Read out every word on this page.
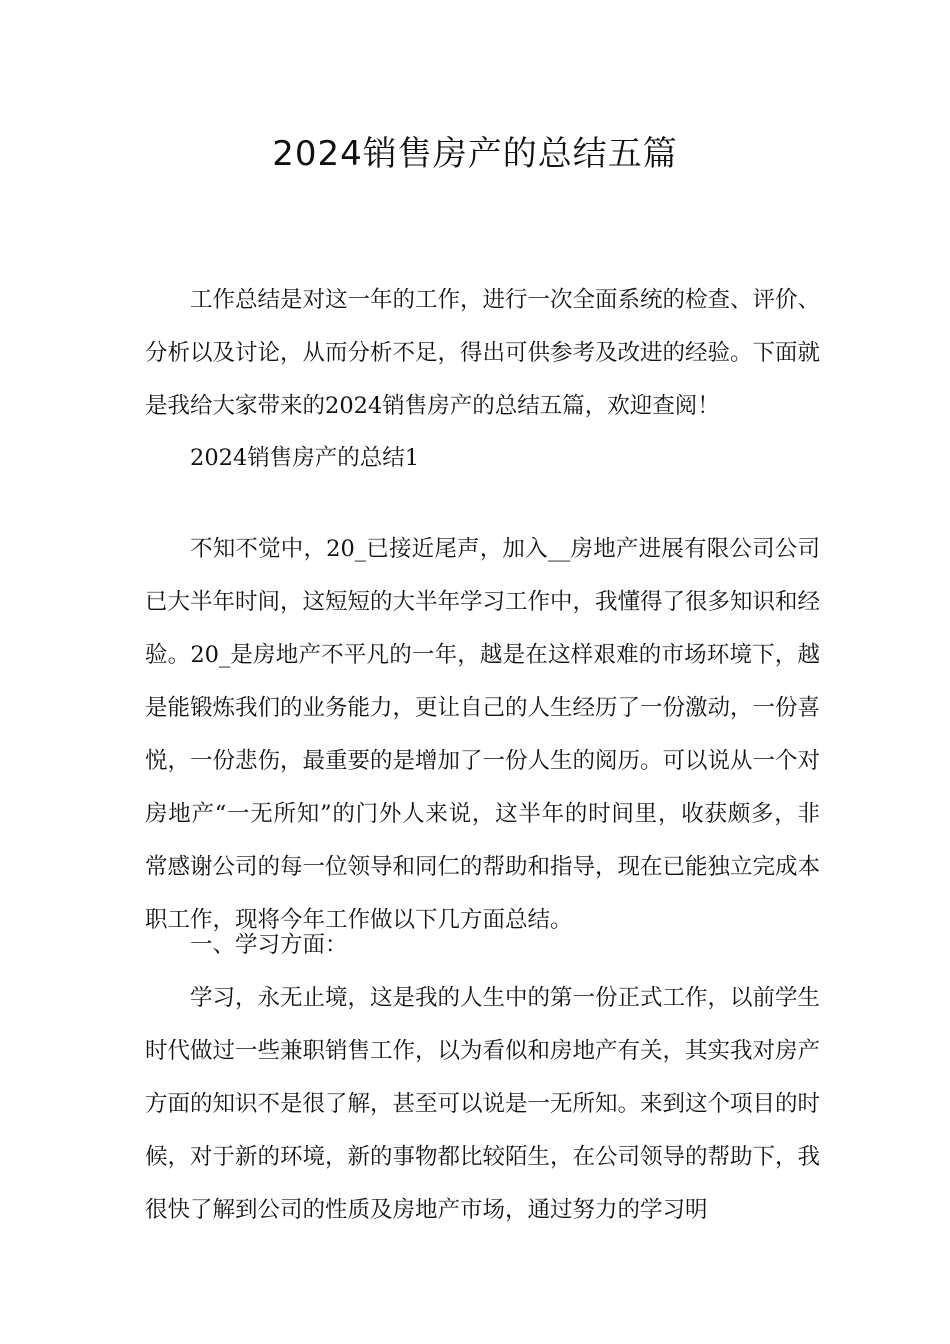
2024销售房产的总结五篇

工作总结是对这一年的工作，进行一次全面系统的检查、评价、分析以及讨论，从而分析不足，得出可供参考及改进的经验。下面就是我给大家带来的2024销售房产的总结五篇，欢迎查阅！

2024销售房产的总结1

不知不觉中，20_已接近尾声，加入__房地产进展有限公司公司已大半年时间，这短短的大半年学习工作中，我懂得了很多知识和经验。20_是房地产不平凡的一年，越是在这样艰难的市场环境下，越是能锻炼我们的业务能力，更让自己的人生经历了一份激动，一份喜悦，一份悲伤，最重要的是增加了一份人生的阅历。可以说从一个对房地产“一无所知”的门外人来说，这半年的时间里，收获颇多，非常感谢公司的每一位领导和同仁的帮助和指导，现在已能独立完成本职工作，现将今年工作做以下几方面总结。

一、学习方面：

学习，永无止境，这是我的人生中的第一份正式工作，以前学生时代做过一些兼职销售工作，以为看似和房地产有关，其实我对房产方面的知识不是很了解，甚至可以说是一无所知。来到这个项目的时候，对于新的环境，新的事物都比较陌生，在公司领导的帮助下，我很快了解到公司的性质及房地产市场，通过努力的学习明
